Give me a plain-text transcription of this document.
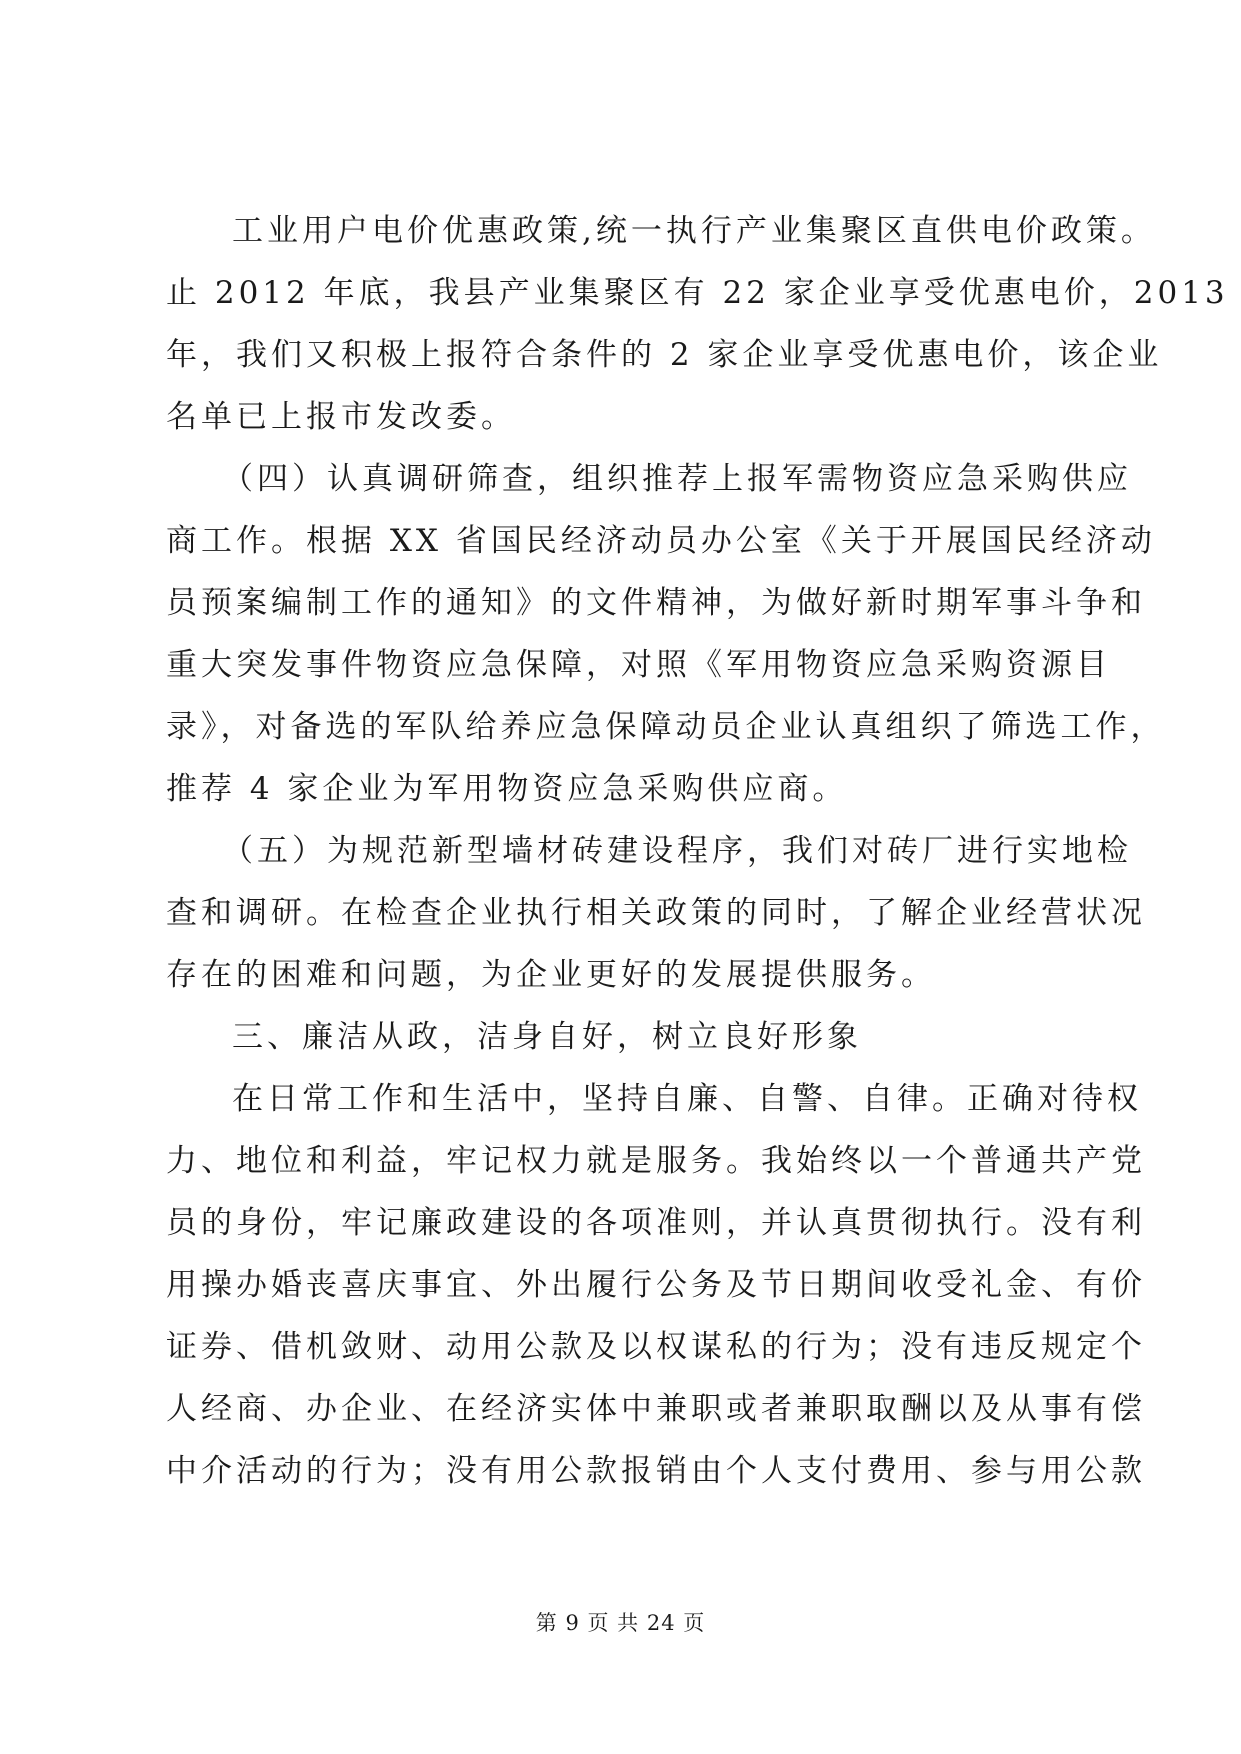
工业用户电价优惠政策,统一执行产业集聚区直供电价政策。
止 2012 年底，我县产业集聚区有 22 家企业享受优惠电价，2013
年，我们又积极上报符合条件的 2 家企业享受优惠电价，该企业
名单已上报市发改委。
（四）认真调研筛查，组织推荐上报军需物资应急采购供应
商工作。根据 XX 省国民经济动员办公室《关于开展国民经济动
员预案编制工作的通知》的文件精神，为做好新时期军事斗争和
重大突发事件物资应急保障，对照《军用物资应急采购资源目
录》，对备选的军队给养应急保障动员企业认真组织了筛选工作，
推荐 4 家企业为军用物资应急采购供应商。
（五）为规范新型墙材砖建设程序，我们对砖厂进行实地检
查和调研。在检查企业执行相关政策的同时，了解企业经营状况
存在的困难和问题，为企业更好的发展提供服务。
三、廉洁从政，洁身自好，树立良好形象
在日常工作和生活中，坚持自廉、自警、自律。正确对待权
力、地位和利益，牢记权力就是服务。我始终以一个普通共产党
员的身份，牢记廉政建设的各项准则，并认真贯彻执行。没有利
用操办婚丧喜庆事宜、外出履行公务及节日期间收受礼金、有价
证券、借机敛财、动用公款及以权谋私的行为；没有违反规定个
人经商、办企业、在经济实体中兼职或者兼职取酬以及从事有偿
中介活动的行为；没有用公款报销由个人支付费用、参与用公款
第 9 页 共 24 页
